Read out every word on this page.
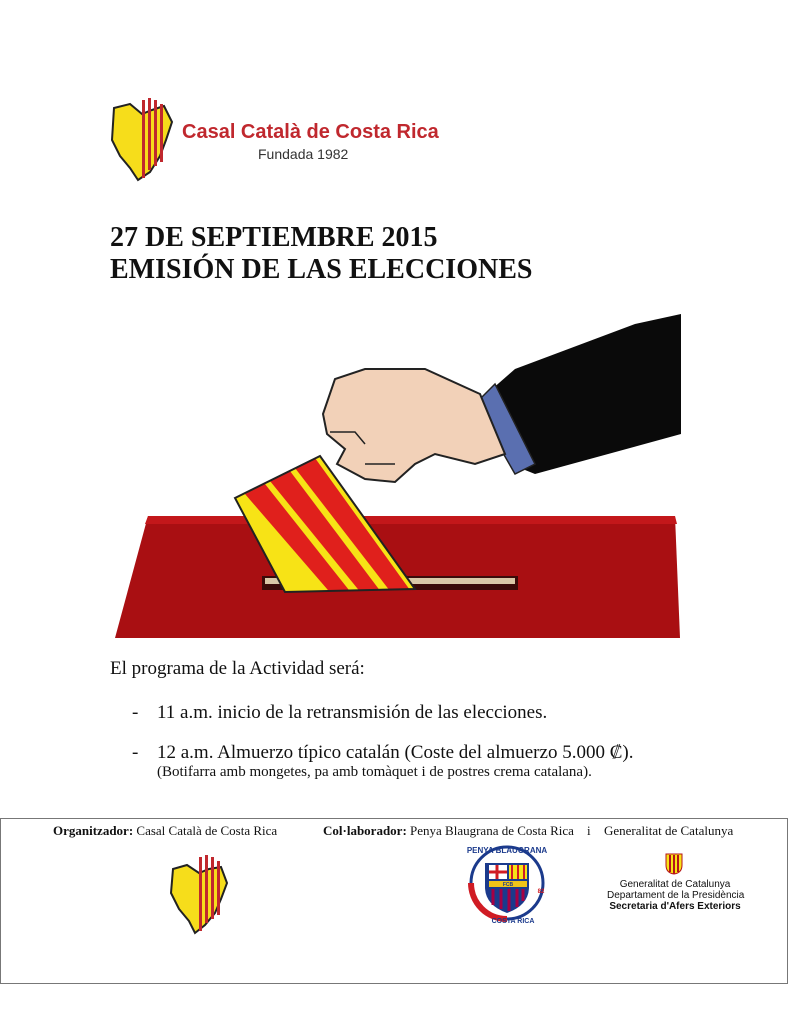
Casal Català de Costa Rica
Fundada 1982
27 DE SEPTIEMBRE 2015
EMISIÓN DE LAS ELECCIONES
El programa de la Actividad será:
- 11 a.m. inicio de la retransmisión de las elecciones.
- 12 a.m. Almuerzo típico catalán (Coste del almuerzo 5.000 ₡).
(Botifarra amb mongetes, pa amb tomàquet i de postres crema catalana).
Organitzador: Casal Català de Costa Rica	Col·laborador: Penya Blaugrana de Costa Rica i Generalitat de Catalunya
FCB
PENYA BLAUGRANA
COSTA RICA
82
Generalitat de Catalunya
Departament de la Presidència
Secretaria d'Afers Exteriors
